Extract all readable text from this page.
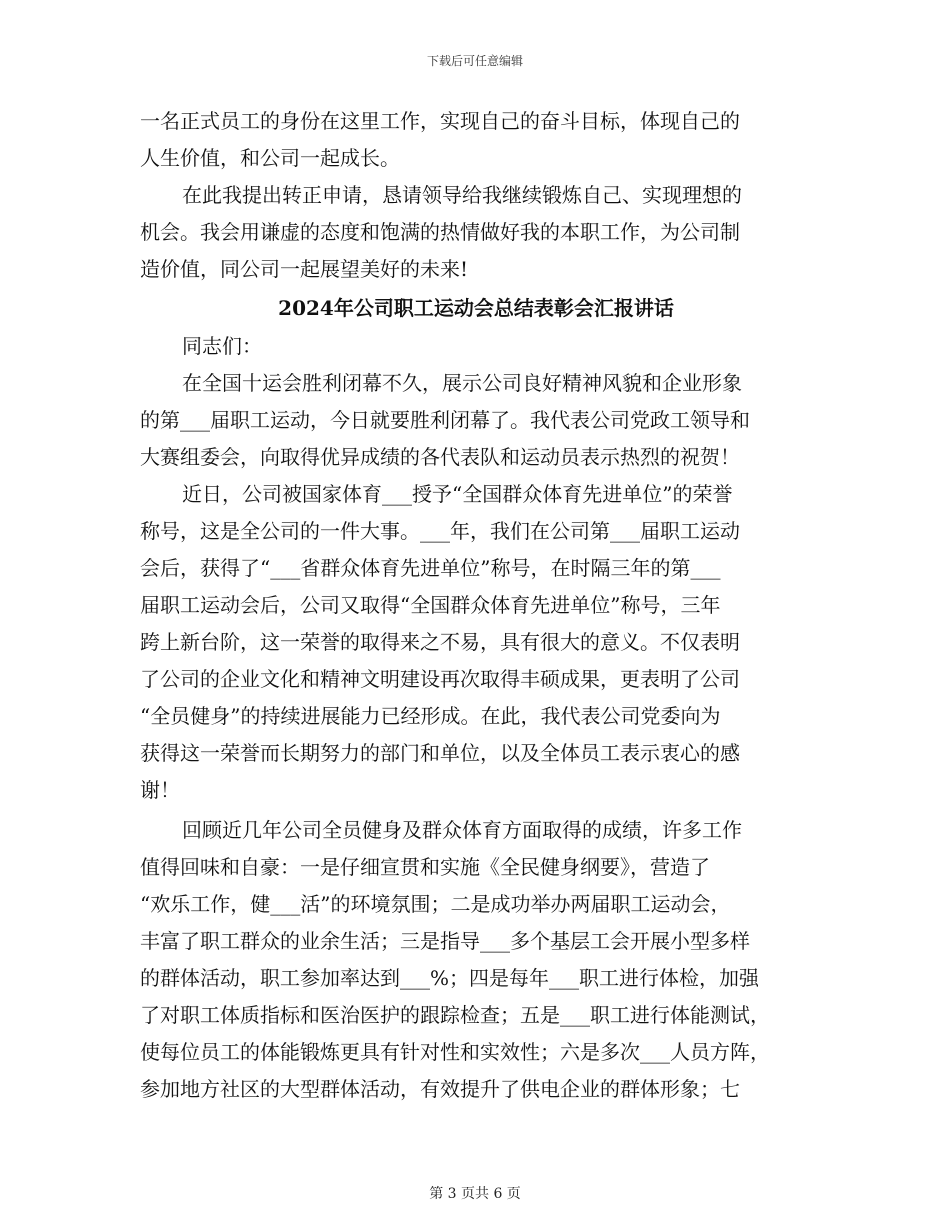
下载后可任意编辑
一名正式员工的身份在这里工作，实现自己的奋斗目标，体现自己的
人生价值，和公司一起成长。
在此我提出转正申请，恳请领导给我继续锻炼自己、实现理想的
机会。我会用谦虚的态度和饱满的热情做好我的本职工作，为公司制
造价值，同公司一起展望美好的未来!
2024年公司职工运动会总结表彰会汇报讲话
同志们：
在全国十运会胜利闭幕不久，展示公司良好精神风貌和企业形象
的第___届职工运动，今日就要胜利闭幕了。我代表公司党政工领导和
大赛组委会，向取得优异成绩的各代表队和运动员表示热烈的祝贺！
近日，公司被国家体育___授予“全国群众体育先进单位”的荣誉
称号，这是全公司的一件大事。___年，我们在公司第___届职工运动
会后，获得了“___省群众体育先进单位”称号，在时隔三年的第___
届职工运动会后，公司又取得“全国群众体育先进单位”称号，三年
跨上新台阶，这一荣誉的取得来之不易，具有很大的意义。不仅表明
了公司的企业文化和精神文明建设再次取得丰硕成果，更表明了公司
“全员健身”的持续进展能力已经形成。在此，我代表公司党委向为
获得这一荣誉而长期努力的部门和单位，以及全体员工表示衷心的感
谢！
回顾近几年公司全员健身及群众体育方面取得的成绩，许多工作
值得回味和自豪：一是仔细宣贯和实施《全民健身纲要》，营造了
“欢乐工作，健___活”的环境氛围；二是成功举办两届职工运动会，
丰富了职工群众的业余生活；三是指导___多个基层工会开展小型多样
的群体活动，职工参加率达到___%；四是每年___职工进行体检，加强
了对职工体质指标和医治医护的跟踪检查；五是___职工进行体能测试，
使每位员工的体能锻炼更具有针对性和实效性；六是多次___人员方阵，
参加地方社区的大型群体活动，有效提升了供电企业的群体形象；七
第 3 页共 6 页
